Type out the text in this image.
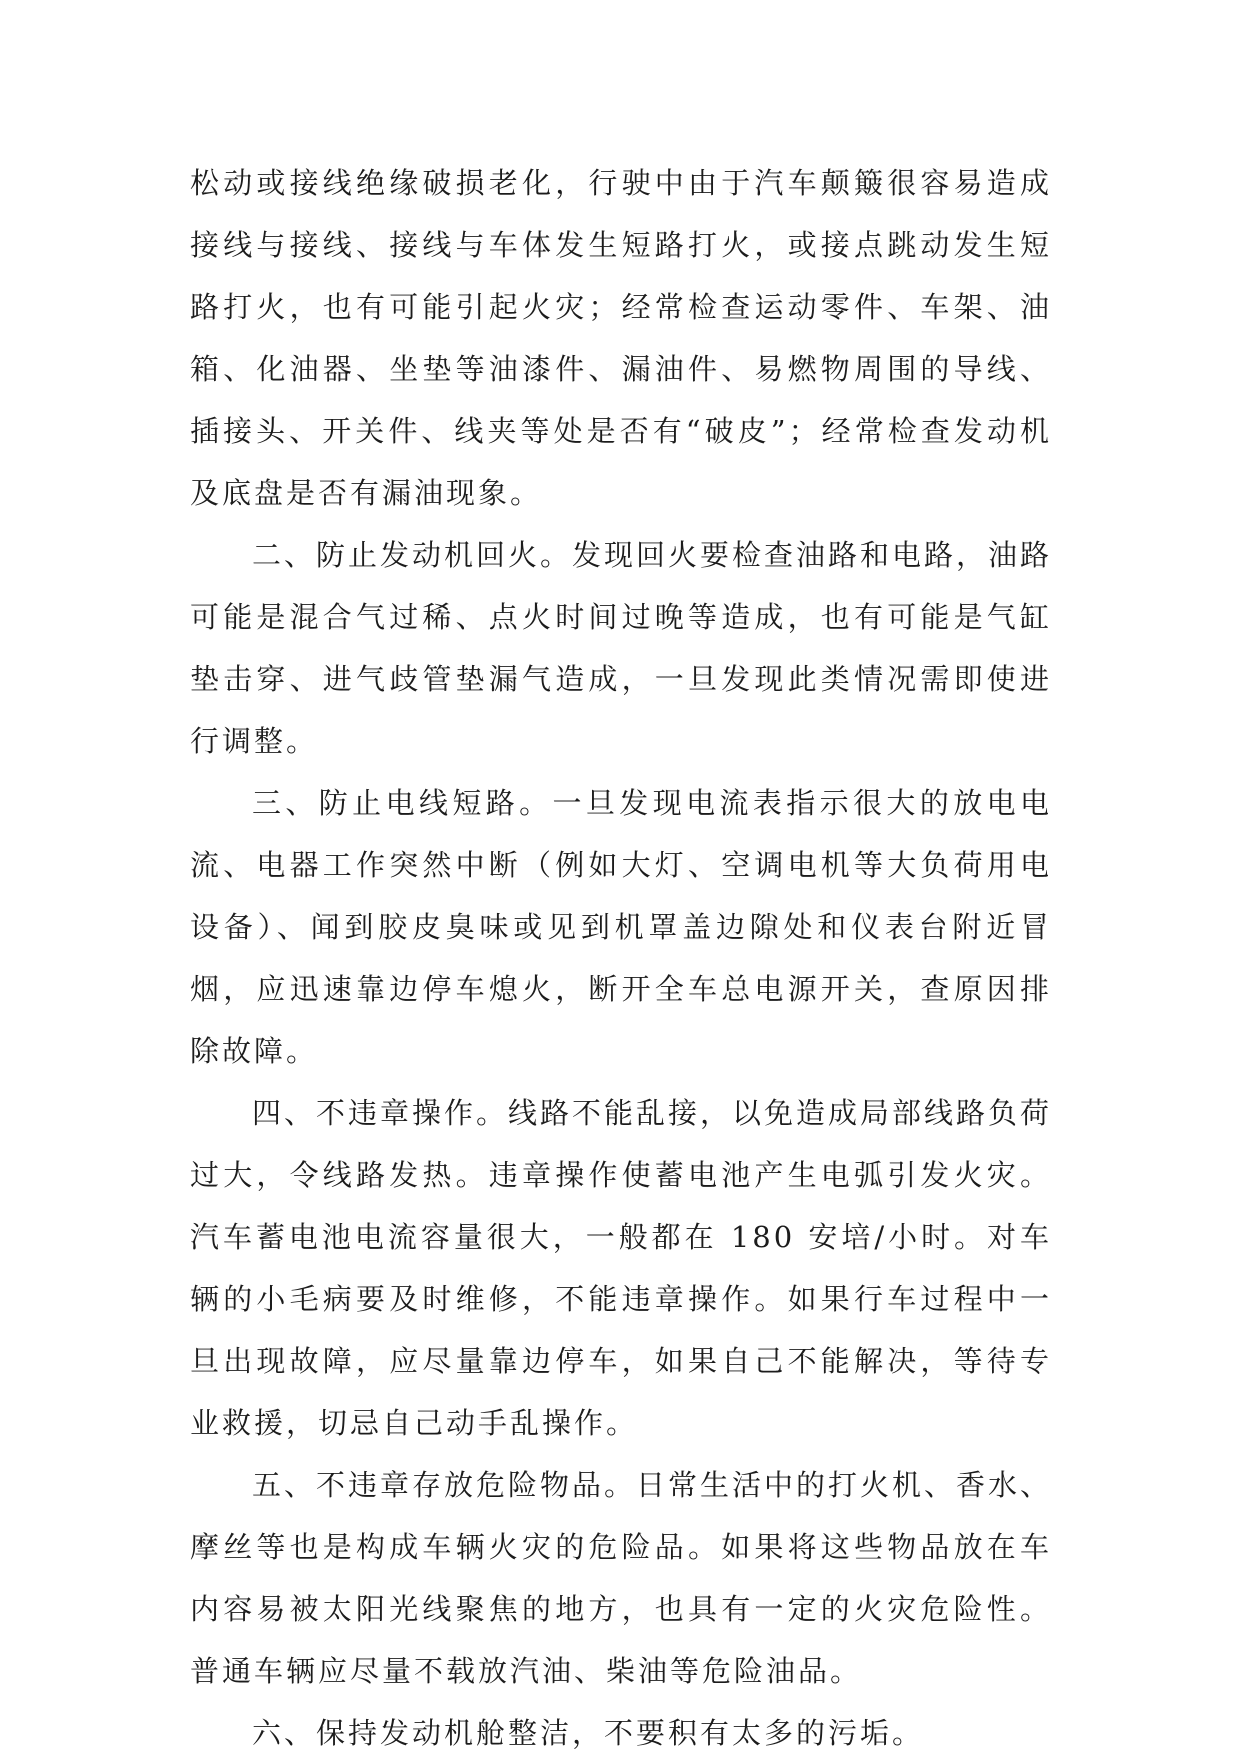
松动或接线绝缘破损老化，行驶中由于汽车颠簸很容易造成接线与接线、接线与车体发生短路打火，或接点跳动发生短路打火，也有可能引起火灾；经常检查运动零件、车架、油箱、化油器、坐垫等油漆件、漏油件、易燃物周围的导线、插接头、开关件、线夹等处是否有“破皮”；经常检查发动机及底盘是否有漏油现象。

二、防止发动机回火。发现回火要检查油路和电路，油路可能是混合气过稀、点火时间过晚等造成，也有可能是气缸垫击穿、进气歧管垫漏气造成，一旦发现此类情况需即使进行调整。

三、防止电线短路。一旦发现电流表指示很大的放电电流、电器工作突然中断（例如大灯、空调电机等大负荷用电设备）、闻到胶皮臭味或见到机罩盖边隙处和仪表台附近冒烟，应迅速靠边停车熄火，断开全车总电源开关，查原因排除故障。

四、不违章操作。线路不能乱接，以免造成局部线路负荷过大，令线路发热。违章操作使蓄电池产生电弧引发火灾。汽车蓄电池电流容量很大，一般都在 180 安培/小时。对车辆的小毛病要及时维修，不能违章操作。如果行车过程中一旦出现故障，应尽量靠边停车，如果自己不能解决，等待专业救援，切忌自己动手乱操作。

五、不违章存放危险物品。日常生活中的打火机、香水、摩丝等也是构成车辆火灾的危险品。如果将这些物品放在车内容易被太阳光线聚焦的地方，也具有一定的火灾危险性。普通车辆应尽量不载放汽油、柴油等危险油品。

六、保持发动机舱整洁，不要积有太多的污垢。
